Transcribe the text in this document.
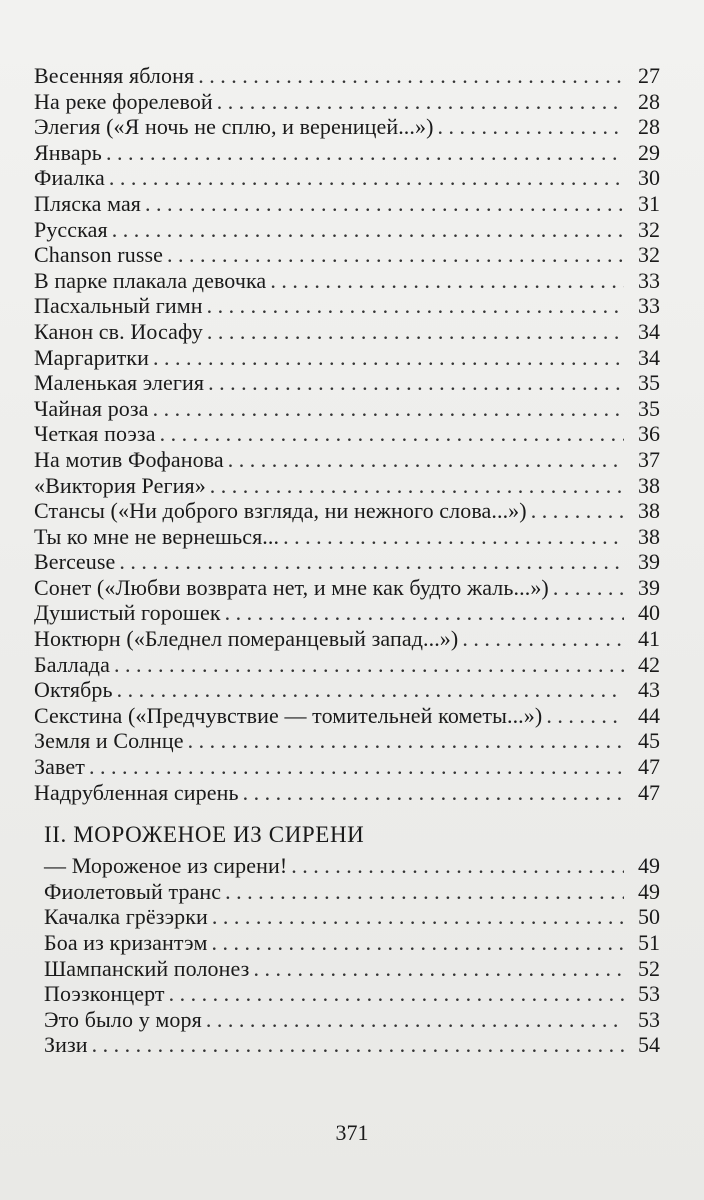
Весенняя яблоня . . .	27
На реке форелевой . . .	28
Элегия («Я ночь не сплю, и вереницей...») . . .	28
Январь . . .	29
Фиалка . . .	30
Пляска мая . . .	31
Русская . . .	32
Chanson russe . . .	32
В парке плакала девочка . . .	33
Пасхальный гимн . . .	33
Канон св. Иосафу . . .	34
Маргаритки . . .	34
Маленькая элегия . . .	35
Чайная роза . . .	35
Четкая поэза . . .	36
На мотив Фофанова . . .	37
«Виктория Регия» . . .	38
Стансы («Ни доброго взгляда, ни нежного слова...») . . .	38
Ты ко мне не вернешься... . . .	38
Berceuse . . .	39
Сонет («Любви возврата нет, и мне как будто жаль...») . . .	39
Душистый горошек . . .	40
Ноктюрн («Бледнел померанцевый запад...») . . .	41
Баллада . . .	42
Октябрь . . .	43
Секстина («Предчувствие — томительней кометы...») . . .	44
Земля и Солнце . . .	45
Завет . . .	47
Надрубленная сирень . . .	47
II. МОРОЖЕНОЕ ИЗ СИРЕНИ
— Мороженое из сирени! . . .	49
Фиолетовый транс . . .	49
Качалка грёзэрки . . .	50
Боа из кризантэм . . .	51
Шампанский полонез . . .	52
Поэзконцерт . . .	53
Это было у моря . . .	53
Зизи . . .	54
371
